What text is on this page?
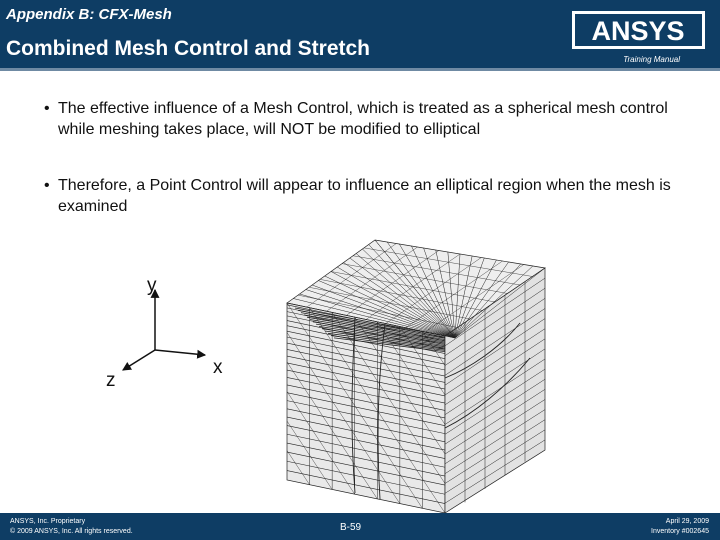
Appendix B: CFX-Mesh
Combined Mesh Control and Stretch
ANSYS
Training Manual
• The effective influence of a Mesh Control, which is treated as a spherical mesh control while meshing takes place, will NOT be modified to elliptical
• Therefore, a Point Control will appear to influence an elliptical region when the mesh is examined
y
x
z
ANSYS, Inc. Proprietary
© 2009 ANSYS, Inc. All rights reserved.	B-59
April 29, 2009
Inventory #002645
